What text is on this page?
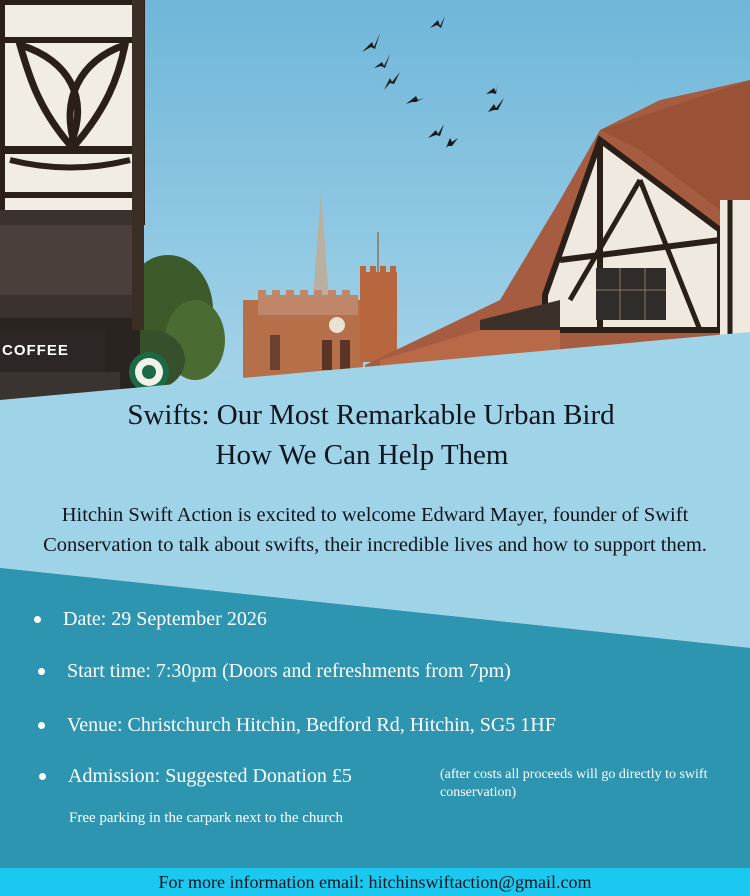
COFFEE
Swifts: Our Most Remarkable Urban Bird
How We Can Help Them
Hitchin Swift Action is excited to welcome Edward Mayer, founder of Swift Conservation to talk about swifts, their incredible lives and how to support them.
Date: 29 September 2026
Start time: 7:30pm (Doors and refreshments from 7pm)
Venue: Christchurch Hitchin, Bedford Rd, Hitchin, SG5 1HF
Admission: Suggested Donation £5	(after costs all proceeds will go directly to swift conservation)
Free parking in the carpark next to the church
For more information email: hitchinswiftaction@gmail.com
